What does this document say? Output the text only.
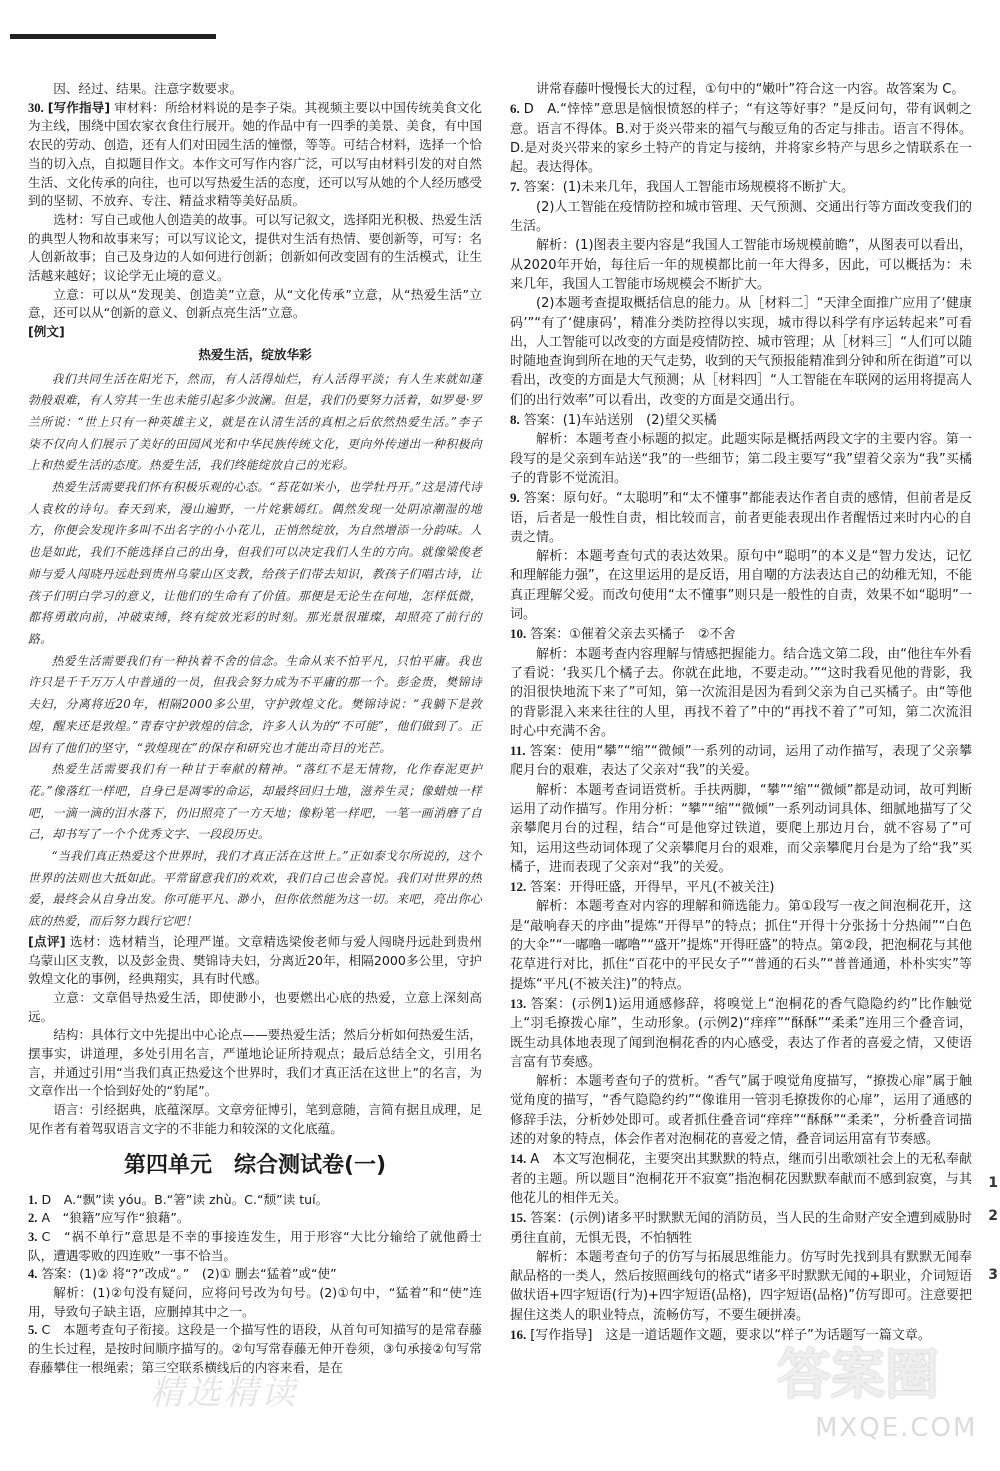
因、经过、结果。注意字数要求。

30. [写作指导] 审材料：所给材料说的是李子柒。其视频主要以中国传统美食文化为主线，围绕中国农家衣食住行展开。她的作品中有一四季的美景、美食，有中国农民的劳动、创造，还有人们对田园生活的憧憬，等等。可结合材料，选择一个恰当的切入点，自拟题目作文。本作文可写作内容广泛，可以写由材料引发的对自然生活、文化传承的向往，也可以写热爱生活的态度，还可以写从她的个人经历感受到的坚韧、不放弃、专注、精益求精等美好品质。

选材：写自己或他人创造美的故事。可以写记叙文，选择阳光积极、热爱生活的典型人物和故事来写；可以写议论文，提供对生活有热情、要创新等，可写：名人创新故事；自己及身边的人如何进行创新；创新如何改变固有的生活模式，让生活越来越好；议论学无止境的意义。

立意：可以从“发现美、创造美”立意，从“文化传承”立意，从“热爱生活”立意，还可以从“创新的意义、创新点亮生活”立意。

[例文]

热爱生活，绽放华彩

我们共同生活在阳光下，然而，有人活得灿烂，有人活得平淡；有人生来就如蓬勃般艰难，有人穷其一生也未能引起多少波澜。但是，我们仍要努力活着，如罗曼·罗兰所说：“世上只有一种英雄主义，就是在认清生活的真相之后依然热爱生活。”李子柒不仅向人们展示了美好的田园风光和中华民族传统文化，更向外传递出一种积极向上和热爱生活的态度。热爱生活，我们终能绽放自己的光彩。

热爱生活需要我们怀有积极乐观的心态。“苔花如米小，也学牡丹开。”这是清代诗人袁枚的诗句。春天到来，漫山遍野，一片姹紫嫣红。偶然发现一处阴凉潮湿的地方，你便会发现许多叫不出名字的小小花儿，正悄然绽放，为自然增添一分韵味。人也是如此，我们不能选择自己的出身，但我们可以决定我们人生的方向。就像梁俊老师与爱人闯晓丹远赴到贵州乌蒙山区支教，给孩子们带去知识，教孩子们唱古诗，让孩子们明白学习的意义，让他们的生命有了价值。那便是无论生在何地，怎样低微，都将勇敢向前，冲破束缚，终有绽放光彩的时刻。那光景很璀璨，却照亮了前行的路。

热爱生活需要我们有一种执着不舍的信念。生命从来不怕平凡，只怕平庸。我也许只是千千万万人中普通的一员，但我会努力成为不平庸的那一个。彭金贵，樊锦诗夫妇，分离将近20年，相隔2000多公里，守护敦煌文化。樊锦诗说：“我躺下是敦煌，醒来还是敦煌。”青春守护敦煌的信念，许多人认为的“不可能”，他们做到了。正因有了他们的坚守，“敦煌现在”的保存和研究也才能出奇目的光芒。

热爱生活需要我们有一种甘于奉献的精神。“落红不是无情物，化作春泥更护花。”像落红一样吧，自身已是凋零的命运，却最终回归土地，滋养生灵；像蜡烛一样吧，一滴一滴的泪水落下，仍旧照亮了一方天地；像粉笔一样吧，一笔一画消磨了自己，却书写了一个个优秀文字、一段段历史。

“当我们真正热爱这个世界时，我们才真正活在这世上。”正如泰戈尔所说的，这个世界的法则也大抵如此。平常留意我们的欢欢，我们自己也会喜悦。我们对世界的热爱，最终会从自身出发。你可能平凡、渺小，但你依然能为这一切。来吧，亮出你心底的热爱，而后努力践行它吧！

[点评] 选材：选材精当，论理严谨。文章精选梁俊老师与爱人闯晓丹远赴到贵州乌蒙山区支教，以及彭金贵、樊锦诗夫妇，分离近20年，相隔2000多公里，守护敦煌文化的事例，经典翔实，具有时代感。

立意：文章倡导热爱生活，即使渺小，也要燃出心底的热爱，立意上深刻高远。

结构：具体行文中先提出中心论点——要热爱生活；然后分析如何热爱生活，摆事实，讲道理，多处引用名言，严谨地论证所持观点；最后总结全文，引用名言，并通过引用“当我们真正热爱这个世界时，我们才真正活在这世上”的名言，为文章作出一个恰到好处的“豹尾”。

语言：引经据典，底蕴深厚。文章旁征博引，笔到意随，言简有据且成理，足见作者有着驾驭语言文字的不非能力和较深的文化底蕴。

第四单元　综合测试卷(一)

1. D　A.“飘”读 yóu。B.“箸”读 zhù。C.“颓”读 tuí。

2. A　“狼籍”应写作“狼藉”。

3. C　“祸不单行”意思是不幸的事接连发生，用于形容“大比分输给了就他爵士队，遭遇零败的四连败”一事不恰当。

4. 答案：(1)② 将“?”改成“。”　(2)① 删去“猛着”或“使”

解析：(1)②句没有疑问，应将问号改为句号。(2)①句中，“猛着”和“使”连用，导致句子缺主语，应删掉其中之一。

5. C　本题考查句子衔接。这段是一个描写性的语段，从首句可知描写的是常春藤的生长过程，是按时间顺序描写的。②句写常春藤无伸开卷须，③句承接②句写常春藤攀住一根绳索；第三空联系横线后的内容来看，是在

讲常春藤叶慢慢长大的过程，①句中的“嫩叶”符合这一内容。故答案为 C。

6. D　A.“悻悻”意思是恼恨愤怒的样子；“有这等好事？”是反问句，带有讽刺之意。语言不得体。B.对于炎兴带来的福气与酸豆角的否定与排击。语言不得体。D.是对炎兴带来的家乡土特产的肯定与接纳，并将家乡特产与思乡之情联系在一起。表达得体。

7. 答案：(1)未来几年，我国人工智能市场规模将不断扩大。

(2)人工智能在疫情防控和城市管理、天气预测、交通出行等方面改变我们的生活。

解析：(1)图表主要内容是“我国人工智能市场规模前瞻”，从图表可以看出，从2020年开始，每往后一年的规模都比前一年大得多，因此，可以概括为：未来几年，我国人工智能市场规模会不断扩大。

(2)本题考查提取概括信息的能力。从［材料二］“天津全面推广应用了‘健康码’”“有了‘健康码’，精准分类防控得以实现，城市得以科学有序运转起来”可看出，人工智能可以改变的方面是疫情防控、城市管理；从［材料三］“人们可以随时随地查询到所在地的天气走势，收到的天气预报能精准到分钟和所在街道”可以看出，改变的方面是大气预测；从［材料四］“人工智能在车联网的运用将提高人们的出行效率”可以看出，改变的方面是交通出行。

8. 答案：(1)车站送别　(2)望父买橘

解析：本题考查小标题的拟定。此题实际是概括两段文字的主要内容。第一段写的是父亲到车站送“我”的一些细节；第二段主要写“我”望着父亲为“我”买橘子的背影不觉流泪。

9. 答案：原句好。“太聪明”和“太不懂事”都能表达作者自责的感情，但前者是反语，后者是一般性自责，相比较而言，前者更能表现出作者醒悟过来时内心的自责之情。

解析：本题考查句式的表达效果。原句中“聪明”的本义是“智力发达，记忆和理解能力强”，在这里运用的是反语，用自嘲的方法表达自己的幼稚无知，不能真正理解父爱。而改句使用“太不懂事”则只是一般性的自责，效果不如“聪明”一词。

10. 答案：①催着父亲去买橘子　②不舍

解析：本题考查内容理解与情感把握能力。结合选文第二段，由“他往车外看了看说：‘我买几个橘子去。你就在此地，不要走动。’”“这时我看见他的背影，我的泪很快地流下来了”可知，第一次流泪是因为看到父亲为自己买橘子。由“等他的背影混入来来往往的人里，再找不着了”中的“再找不着了”可知，第二次流泪时心中充满不舍。

11. 答案：使用“攀”“缩”“微倾”一系列的动词，运用了动作描写，表现了父亲攀爬月台的艰难，表达了父亲对“我”的关爱。

解析：本题考查词语赏析。手扶两脚，“攀”“缩”“微倾”都是动词，故可判断运用了动作描写。作用分析：“攀”“缩”“微倾”一系列动词具体、细腻地描写了父亲攀爬月台的过程，结合“可是他穿过铁道，要爬上那边月台，就不容易了”可知，运用这些动词体现了父亲攀爬月台的艰难，而父亲攀爬月台是为了给“我”买橘子，进而表现了父亲对“我”的关爱。

12. 答案：开得旺盛，开得早，平凡(不被关注)

解析：本题考查对内容的理解和筛选能力。第①段写一夜之间泡桐花开，这是“敲响春天的序曲”提炼“开得早”的特点；抓住“开得十分张扬十分热闹”“白色的大伞”“一嘟噜一嘟噜”“盛开”提炼“开得旺盛”的特点。第②段，把泡桐花与其他花草进行对比，抓住“百花中的平民女子”“普通的石头”“普普通通，朴朴实实”等提炼“平凡(不被关注)”的特点。

13. 答案：(示例1)运用通感修辞，将嗅觉上“泡桐花的香气隐隐约约”比作触觉上“羽毛撩拨心扉”，生动形象。(示例2)“痒痒”“酥酥”“柔柔”连用三个叠音词，既生动具体地表现了闻到泡桐花香的内心感受，表达了作者的喜爱之情，又使语言富有节奏感。

解析：本题考查句子的赏析。“香气”属于嗅觉角度描写，“撩拨心扉”属于触觉角度的描写，“香气隐隐约约”“像谁用一管羽毛撩拨你的心扉”，运用了通感的修辞手法，分析妙处即可。或者抓住叠音词“痒痒”“酥酥”“柔柔”，分析叠音词描述的对象的特点，体会作者对泡桐花的喜爱之情，叠音词运用富有节奏感。

14. A　本文写泡桐花，主要突出其默默的特点，继而引出歌颂社会上的无私奉献者的主题。所以题目“泡桐花开不寂寞”指泡桐花因默默奉献而不感到寂寞，与其他花儿的相伴无关。

15. 答案：(示例)诸多平时默默无闻的消防员，当人民的生命财产安全遭到威胁时勇往直前，无惧无畏，不怕牺牲

解析：本题考查句子的仿写与拓展思维能力。仿写时先找到具有默默无闻奉献品格的一类人，然后按照画线句的格式“诸多平时默默无闻的+职业，介词短语做状语+四字短语(行为)+四字短语(品格)，四字短语(品格)”仿写即可。注意要把握住这类人的职业特点，流畅仿写，不要生硬拼凑。

16. [写作指导]　这是一道话题作文题，要求以“样子”为话题写一篇文章。

1
2
3
精选精读	答案圈
MXQE.COM
